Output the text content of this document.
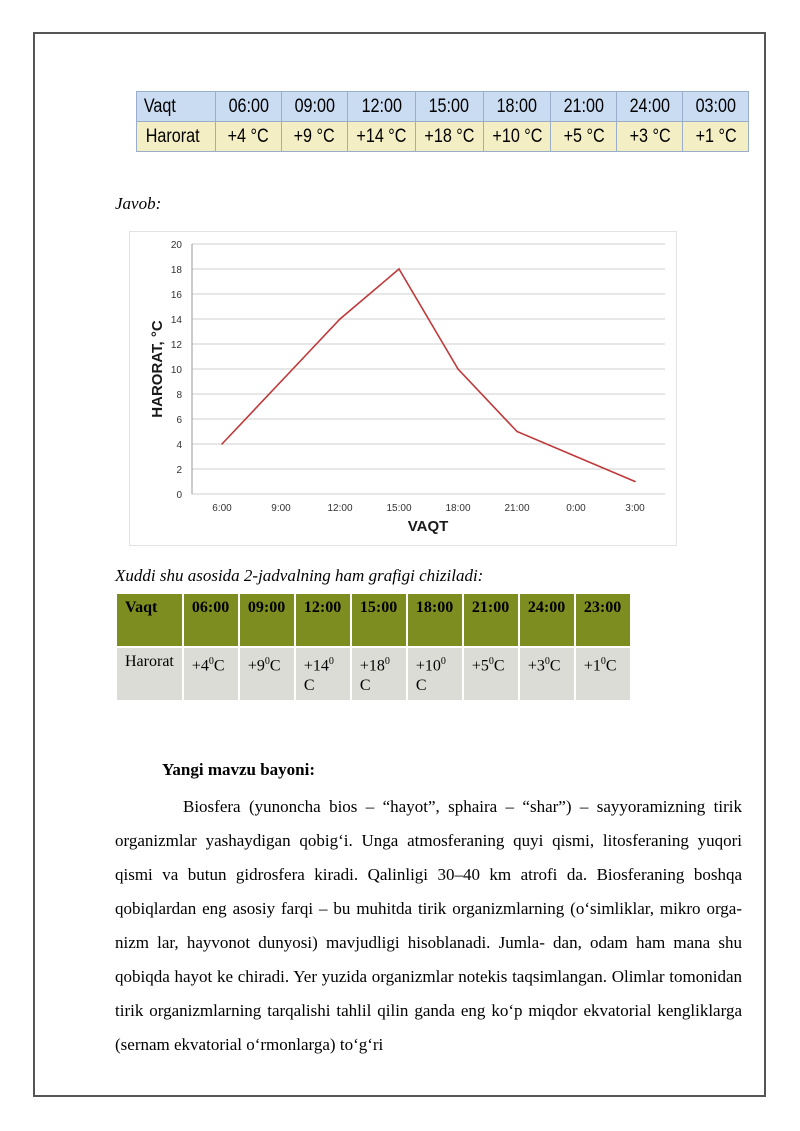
Vaqt	06:00	09:00	12:00	15:00	18:00	21:00	24:00	03:00
Harorat	+4 °C	+9 °C	+14 °C	+18 °C	+10 °C	+5 °C	+3 °C	+1 °C
Javob:
0
2
4
6
8
10
12
14
16
18
20
6:00	9:00	12:00	15:00	18:00	21:00	0:00	3:00
VAQT
HARORAT, °C
Xuddi shu asosida 2-jadvalning ham grafigi chiziladi:
Vaqt	06:00	09:00	12:00	15:00	18:00	21:00	24:00	23:00
Harorat	$+4^0C$	$+9^0C$	$+14^0C$	$+18^0C$	$+10^0C$	$+5^0C$	$+3^0C$	$+1^0C$
Yangi mavzu bayoni:
Biosfera (yunoncha bios – “hayot”, sphaira – “shar”) – sayyoramizning tirik organizmlar yashaydigan qobig‘i. Unga atmosferaning quyi qismi, litosferaning yuqori qismi va butun gidrosfera kiradi. Qalinligi 30–40 km atrofi da. Biosferaning boshqa qobiqlardan eng asosiy farqi – bu muhitda tirik organizmlarning (o‘simliklar, mikro orga- nizm lar, hayvonot dunyosi) mavjudligi hisoblanadi. Jumla- dan, odam ham mana shu qobiqda hayot ke chiradi. Yer yuzida organizmlar notekis taqsimlangan. Olimlar tomonidan tirik organizmlarning tarqalishi tahlil qilin ganda eng ko‘p miqdor ekvatorial kengliklarga (sernam ekvatorial o‘rmonlarga) to‘g‘ri
